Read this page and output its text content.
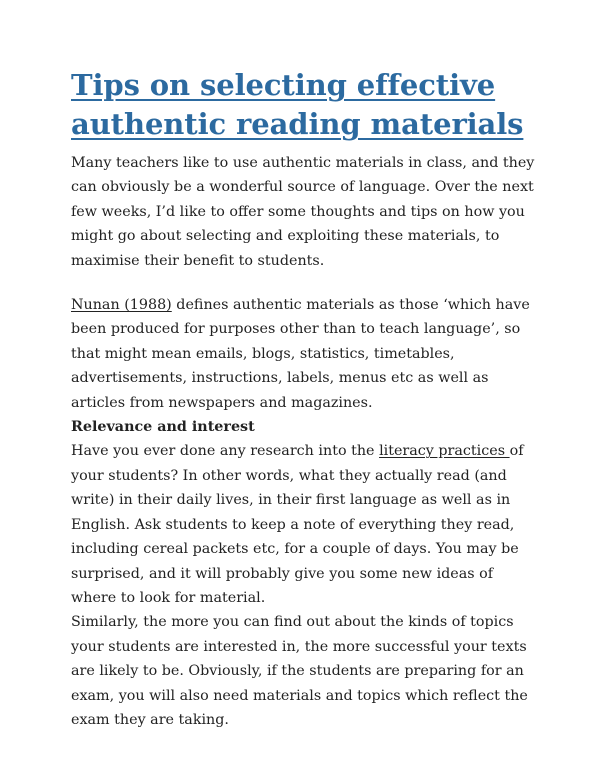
Tips on selecting effective authentic reading materials

Many teachers like to use authentic materials in class, and they can obviously be a wonderful source of language. Over the next few weeks, I’d like to offer some thoughts and tips on how you might go about selecting and exploiting these materials, to maximise their benefit to students.

Nunan (1988) defines authentic materials as those ‘which have been produced for purposes other than to teach language’, so that might mean emails, blogs, statistics, timetables, advertisements, instructions, labels, menus etc as well as articles from newspapers and magazines.

Relevance and interest

Have you ever done any research into the literacy practices of your students? In other words, what they actually read (and write) in their daily lives, in their first language as well as in English. Ask students to keep a note of everything they read, including cereal packets etc, for a couple of days. You may be surprised, and it will probably give you some new ideas of where to look for material.

Similarly, the more you can find out about the kinds of topics your students are interested in, the more successful your texts are likely to be. Obviously, if the students are preparing for an exam, you will also need materials and topics which reflect the exam they are taking.
